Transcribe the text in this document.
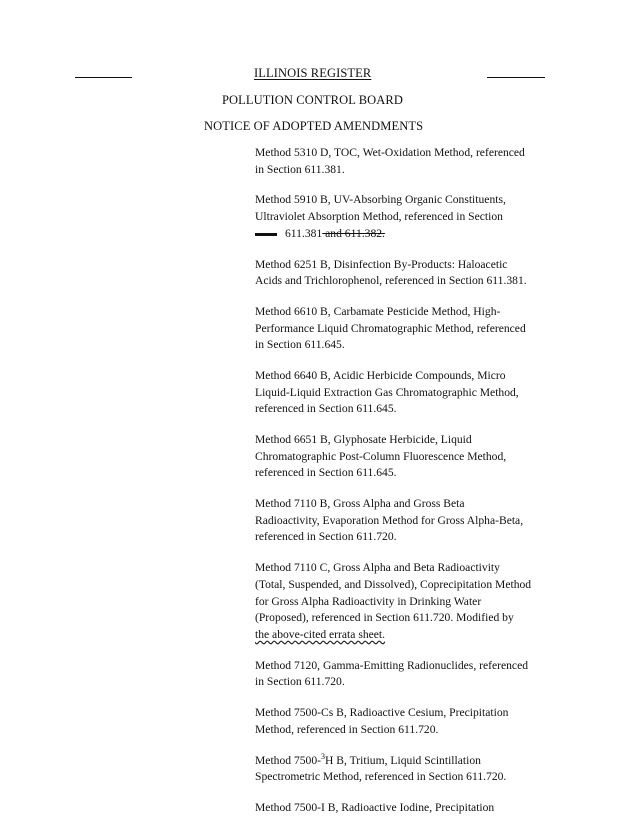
ILLINOIS REGISTER
POLLUTION CONTROL BOARD
NOTICE OF ADOPTED AMENDMENTS
Method 5310 D, TOC, Wet-Oxidation Method, referenced
in Section 611.381.
Method 5910 B, UV-Absorbing Organic Constituents,
Ultraviolet Absorption Method, referenced in Section
611.381 and 611.382.
Method 6251 B, Disinfection By-Products: Haloacetic
Acids and Trichlorophenol, referenced in Section 611.381.
Method 6610 B, Carbamate Pesticide Method, High-
Performance Liquid Chromatographic Method, referenced
in Section 611.645.
Method 6640 B, Acidic Herbicide Compounds, Micro
Liquid-Liquid Extraction Gas Chromatographic Method,
referenced in Section 611.645.
Method 6651 B, Glyphosate Herbicide, Liquid
Chromatographic Post-Column Fluorescence Method,
referenced in Section 611.645.
Method 7110 B, Gross Alpha and Gross Beta
Radioactivity, Evaporation Method for Gross Alpha-Beta,
referenced in Section 611.720.
Method 7110 C, Gross Alpha and Beta Radioactivity
(Total, Suspended, and Dissolved), Coprecipitation Method
for Gross Alpha Radioactivity in Drinking Water
(Proposed), referenced in Section 611.720. Modified by
the above-cited errata sheet.
Method 7120, Gamma-Emitting Radionuclides, referenced
in Section 611.720.
Method 7500-Cs B, Radioactive Cesium, Precipitation
Method, referenced in Section 611.720.
Method 7500-$^3$H B, Tritium, Liquid Scintillation
Spectrometric Method, referenced in Section 611.720.
Method 7500-I B, Radioactive Iodine, Precipitation
